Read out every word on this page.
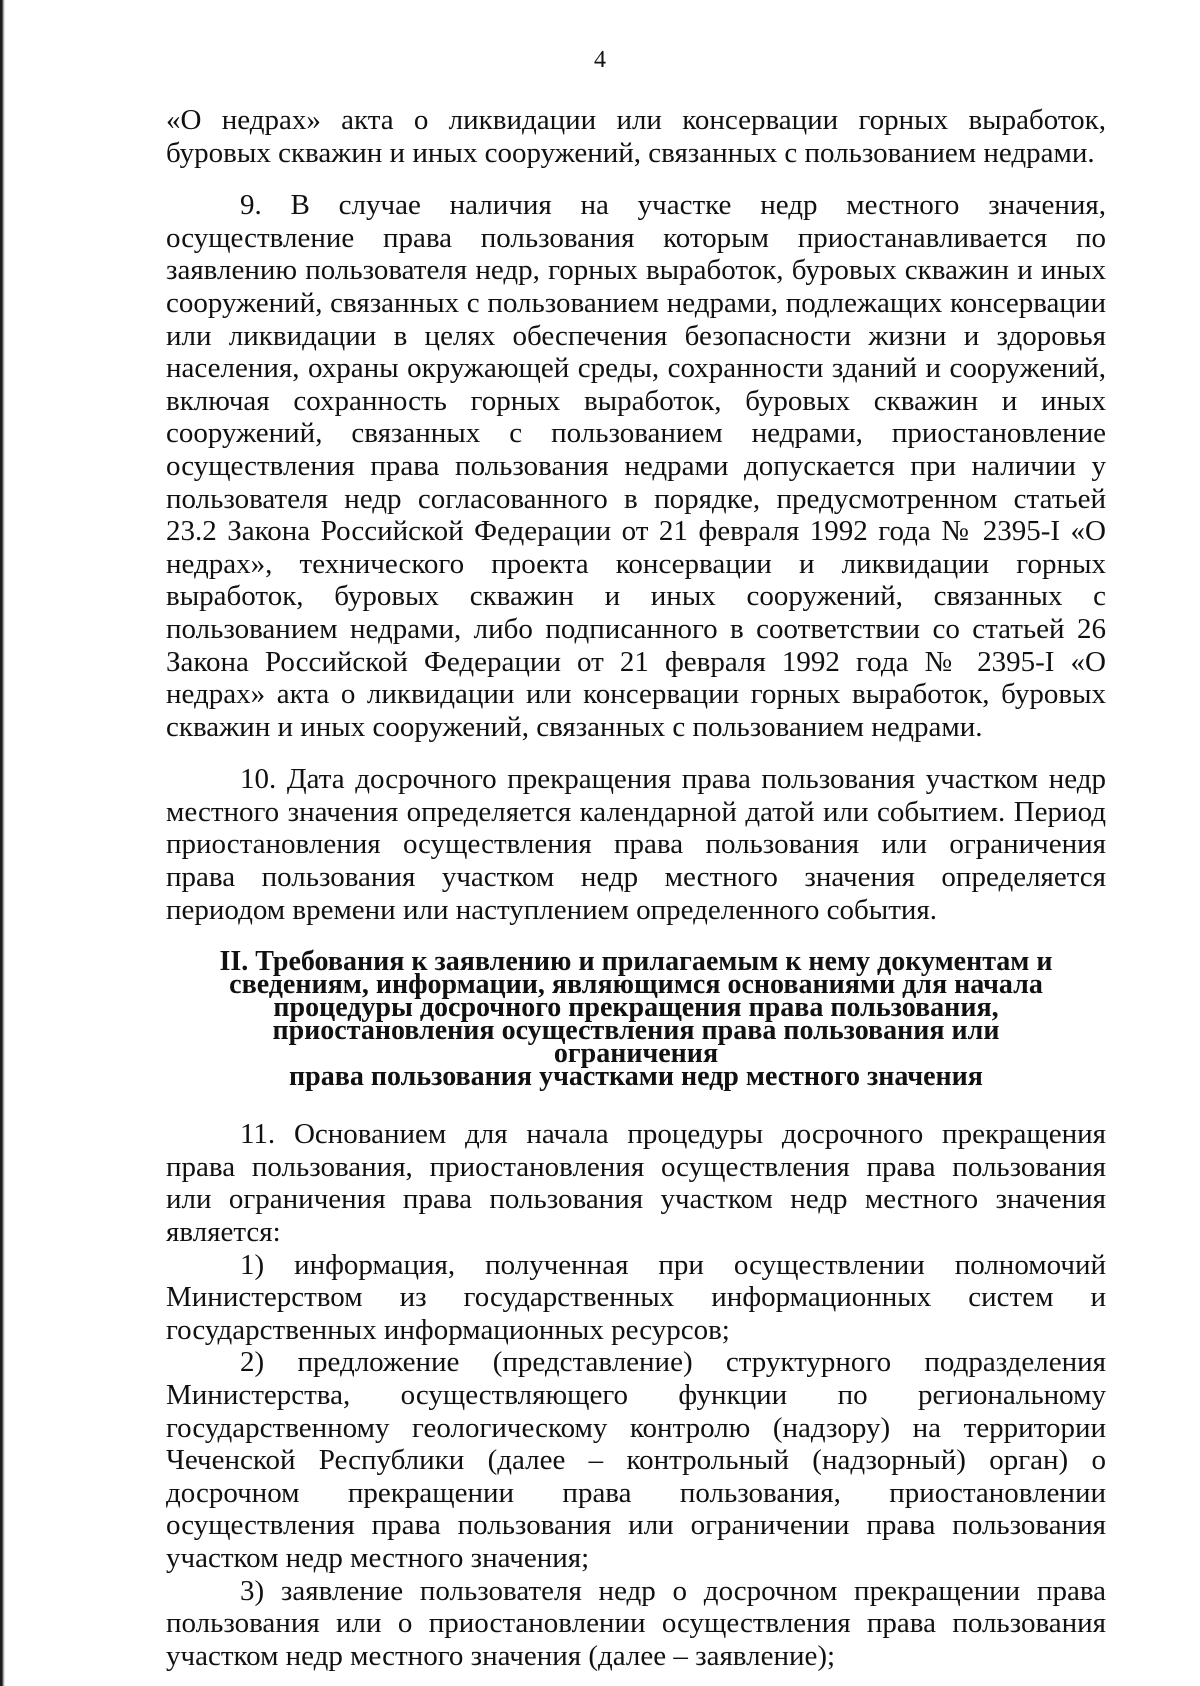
4

«О недрах» акта о ликвидации или консервации горных выработок, буровых скважин и иных сооружений, связанных с пользованием недрами.

9. В случае наличия на участке недр местного значения, осуществление права пользования которым приостанавливается по заявлению пользователя недр, горных выработок, буровых скважин и иных сооружений, связанных с пользованием недрами, подлежащих консервации или ликвидации в целях обеспечения безопасности жизни и здоровья населения, охраны окружающей среды, сохранности зданий и сооружений, включая сохранность горных выработок, буровых скважин и иных сооружений, связанных с пользованием недрами, приостановление осуществления права пользования недрами допускается при наличии у пользователя недр согласованного в порядке, предусмотренном статьей 23.2 Закона Российской Федерации от 21 февраля 1992 года № 2395-I «О недрах», технического проекта консервации и ликвидации горных выработок, буровых скважин и иных сооружений, связанных с пользованием недрами, либо подписанного в соответствии со статьей 26 Закона Российской Федерации от 21 февраля 1992 года № 2395-I «О недрах» акта о ликвидации или консервации горных выработок, буровых скважин и иных сооружений, связанных с пользованием недрами.

10. Дата досрочного прекращения права пользования участком недр местного значения определяется календарной датой или событием. Период приостановления осуществления права пользования или ограничения права пользования участком недр местного значения определяется периодом времени или наступлением определенного события.

II. Требования к заявлению и прилагаемым к нему документам и
сведениям, информации, являющимся основаниями для начала
процедуры досрочного прекращения права пользования,
приостановления осуществления права пользования или ограничения
права пользования участками недр местного значения

11. Основанием для начала процедуры досрочного прекращения права пользования, приостановления осуществления права пользования или ограничения права пользования участком недр местного значения является:

1) информация, полученная при осуществлении полномочий Министерством из государственных информационных систем и государственных информационных ресурсов;

2) предложение (представление) структурного подразделения Министерства, осуществляющего функции по региональному государственному геологическому контролю (надзору) на территории Чеченской Республики (далее – контрольный (надзорный) орган) о досрочном прекращении права пользования, приостановлении осуществления права пользования или ограничении права пользования участком недр местного значения;

3) заявление пользователя недр о досрочном прекращении права пользования или о приостановлении осуществления права пользования участком недр местного значения (далее – заявление);
